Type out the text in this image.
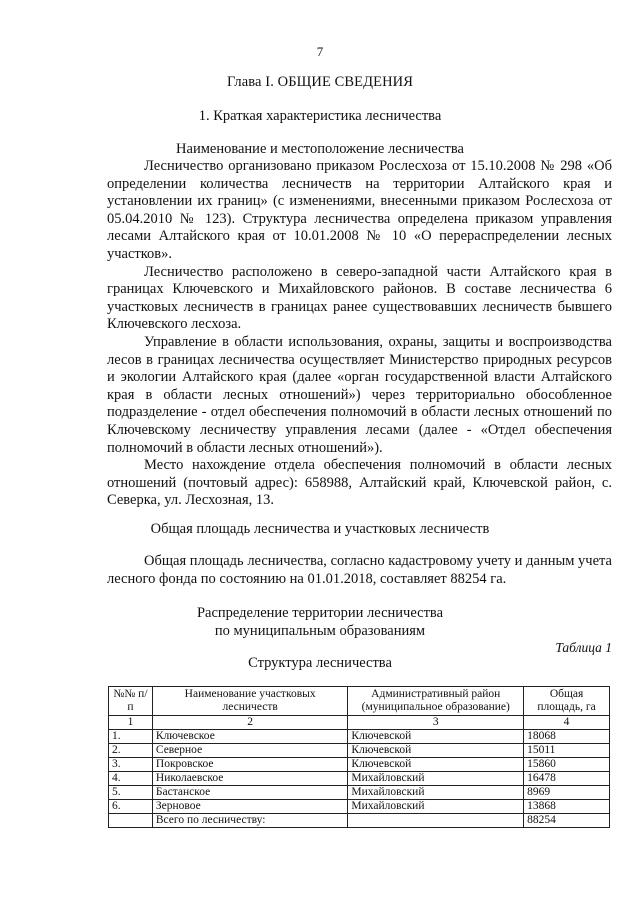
7
Глава I. ОБЩИЕ СВЕДЕНИЯ
1. Краткая характеристика лесничества
Наименование и местоположение лесничества

Лесничество организовано приказом Рослесхоза от 15.10.2008 № 298 «Об определении количества лесничеств на территории Алтайского края и установлении их границ» (с изменениями, внесенными приказом Рослесхоза от 05.04.2010 № 123). Структура лесничества определена приказом управления лесами Алтайского края от 10.01.2008 № 10 «О перераспределении лесных участков».

Лесничество расположено в северо-западной части Алтайского края в границах Ключевского и Михайловского районов. В составе лесничества 6 участковых лесничеств в границах ранее существовавших лесничеств бывшего Ключевского лесхоза.

Управление в области использования, охраны, защиты и воспроизводства лесов в границах лесничества осуществляет Министерство природных ресурсов и экологии Алтайского края (далее «орган государственной власти Алтайского края в области лесных отношений») через территориально обособленное подразделение - отдел обеспечения полномочий в области лесных отношений по Ключевскому лесничеству управления лесами (далее - «Отдел обеспечения полномочий в области лесных отношений»).

Место нахождение отдела обеспечения полномочий в области лесных отношений (почтовый адрес): 658988, Алтайский край, Ключевской район, с. Северка, ул. Лесхозная, 13.

Общая площадь лесничества и участковых лесничеств

Общая площадь лесничества, согласно кадастровому учету и данным учета лесного фонда по состоянию на 01.01.2018, составляет 88254 га.

Распределение территории лесничества
по муниципальным образованиям
Таблица 1
Структура лесничества
№№ п/п	Наименование участковых лесничеств	Административный район (муниципальное образование)	Общая площадь, га
1	2	3	4
1.	Ключевское	Ключевской	18068
2.	Северное	Ключевской	15011
3.	Покровское	Ключевской	15860
4.	Николаевское	Михайловский	16478
5.	Бастанское	Михайловский	8969
6.	Зерновое	Михайловский	13868
	Всего по лесничеству:		88254
